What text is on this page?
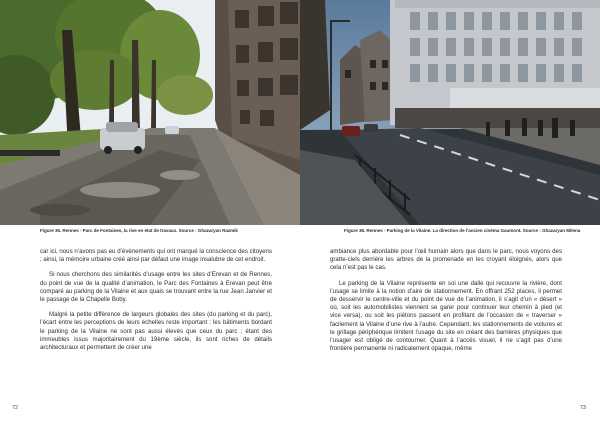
Figure 35. Rennes - Parc de Fontaines, la rive en état de travaux. Source : Ghazaryan Razmik	Figure 36. Rennes - Parking de la Vilaine. La direction de l’ancien cinéma Gaumont. Source : Ghazaryan Milena

car ici, nous n’avons pas eu d’évènements qui ont marqué la conscience des citoyens ; ainsi, la mémoire urbaine créé ainsi par défaut une image insalubre de cet endroit.

Si nous cherchons des similarités d’usage entre les sites d’Erevan et de Rennes, du point de vue de la qualité d’animation, le Parc des Fontaines à Erevan peut être comparé au parking de la Vilaine et aux quais se trouvant entre la rue Jean Janvier et le passage de la Chapelle Boby.

Malgré la petite différence de largeurs globales des sites (du parking et du parc), l’écart entre les perceptions de leurs échelles reste important : les bâtiments bordant le parking de la Vilaine ne sont pas aussi élevés que ceux du parc ; étant des immeubles issus majoritairement du 19ème siècle, ils sont riches de détails architecturaux et permettent de créer une

ambiance plus abordable pour l’œil humain alors que dans le parc, nous voyons des gratte-ciels derrière les arbres de la promenade en les croyant éloignés, alors que cela n’est pas le cas.

Le parking de la Vilaine représente en soi une dalle qui recouvre la rivière, dont l’usage se limite à la notion d’aire de stationnement. En offrant 252 places, il permet de desservir le centre-ville et du point de vue de l’animation, il s’agit d’un « désert » où, soit les automobilistes viennent se garer pour continuer leur chemin à pied (et vice versa), ou soit les piétons passent en profitant de l’occasion de « traverser » facilement la Vilaine d’une rive à l’autre. Cependant, les stationnements de voitures et le grillage périphérique limitent l’usage du site en créant des barrières physiques que l’usager est obligé de contourner. Quant à l’accès visuel, il ne s’agit pas d’une frontière permanente ni radicalement opaque, même

72	73
